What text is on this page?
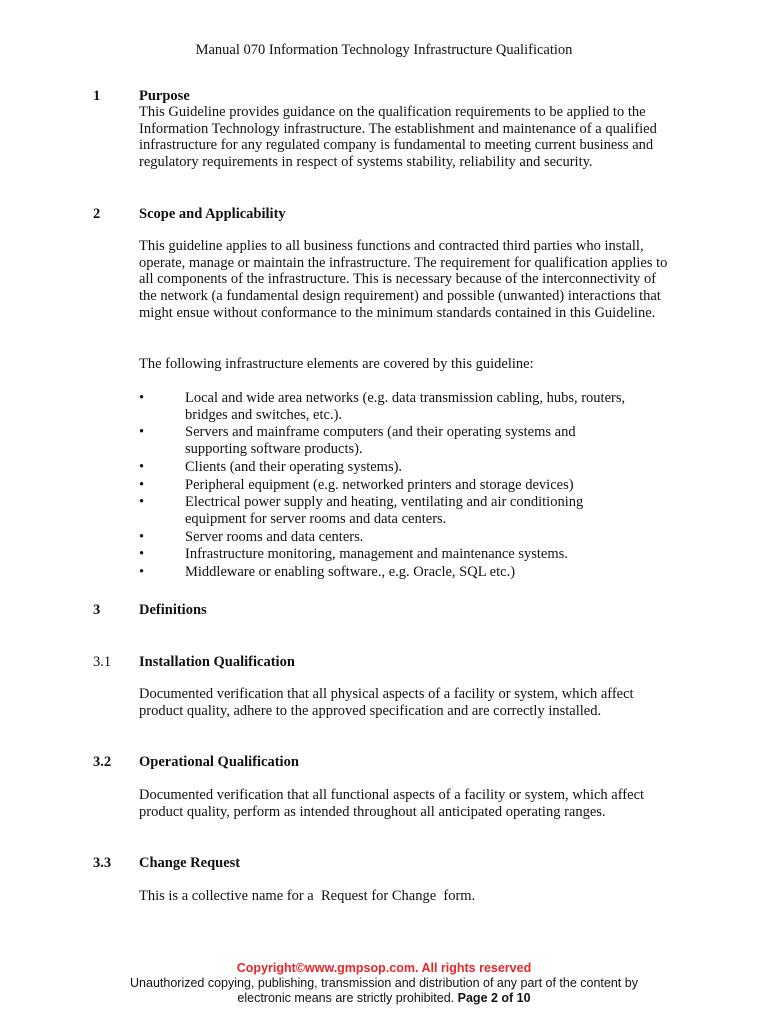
Manual 070 Information Technology Infrastructure Qualification
1	Purpose
This Guideline provides guidance on the qualification requirements to be applied to the Information Technology infrastructure. The establishment and maintenance of a qualified infrastructure for any regulated company is fundamental to meeting current business and regulatory requirements in respect of systems stability, reliability and security.
2	Scope and Applicability
This guideline applies to all business functions and contracted third parties who install, operate, manage or maintain the infrastructure. The requirement for qualification applies to all components of the infrastructure. This is necessary because of the interconnectivity of the network (a fundamental design requirement) and possible (unwanted) interactions that might ensue without conformance to the minimum standards contained in this Guideline.
The following infrastructure elements are covered by this guideline:
•	Local and wide area networks (e.g. data transmission cabling, hubs, routers, bridges and switches, etc.).
•	Servers and mainframe computers (and their operating systems and supporting software products).
•	Clients (and their operating systems).
•	Peripheral equipment (e.g. networked printers and storage devices)
•	Electrical power supply and heating, ventilating and air conditioning equipment for server rooms and data centers.
•	Server rooms and data centers.
•	Infrastructure monitoring, management and maintenance systems.
•	Middleware or enabling software., e.g. Oracle, SQL etc.)
3	Definitions
3.1 Installation Qualification
Documented verification that all physical aspects of a facility or system, which affect product quality, adhere to the approved specification and are correctly installed.
3.2 Operational Qualification
Documented verification that all functional aspects of a facility or system, which affect product quality, perform as intended throughout all anticipated operating ranges.
3.3 Change Request
This is a collective name for a  Request for Change  form.
Copyright©www.gmpsop.com. All rights reserved
Unauthorized copying, publishing, transmission and distribution of any part of the content by
electronic means are strictly prohibited. Page 2 of 10
